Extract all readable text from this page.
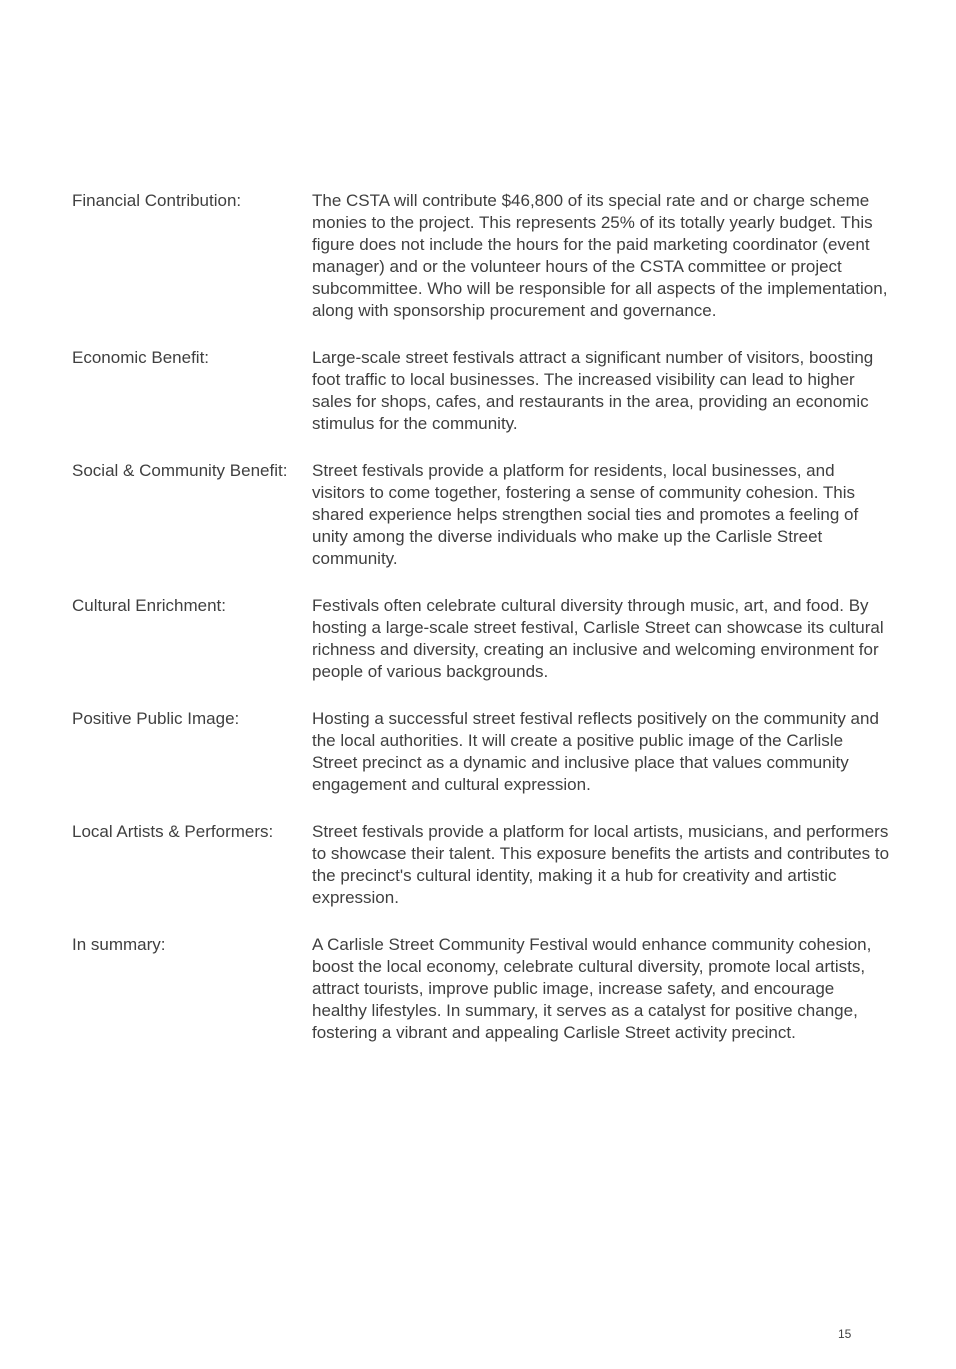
Financial Contribution:	The CSTA will contribute $46,800 of its special rate and or charge scheme monies to the project. This represents 25% of its totally yearly budget. This figure does not include the hours for the paid marketing coordinator (event manager) and or the volunteer hours of the CSTA committee or project subcommittee. Who will be responsible for all aspects of the implementation, along with sponsorship procurement and governance.
Economic Benefit:	Large-scale street festivals attract a significant number of visitors, boosting foot traffic to local businesses. The increased visibility can lead to higher sales for shops, cafes, and restaurants in the area, providing an economic stimulus for the community.
Social & Community Benefit:	Street festivals provide a platform for residents, local businesses, and visitors to come together, fostering a sense of community cohesion. This shared experience helps strengthen social ties and promotes a feeling of unity among the diverse individuals who make up the Carlisle Street community.
Cultural Enrichment:	Festivals often celebrate cultural diversity through music, art, and food. By hosting a large-scale street festival, Carlisle Street can showcase its cultural richness and diversity, creating an inclusive and welcoming environment for people of various backgrounds.
Positive Public Image:	Hosting a successful street festival reflects positively on the community and the local authorities. It will create a positive public image of the Carlisle Street precinct as a dynamic and inclusive place that values community engagement and cultural expression.
Local Artists & Performers:	Street festivals provide a platform for local artists, musicians, and performers to showcase their talent. This exposure benefits the artists and contributes to the precinct's cultural identity, making it a hub for creativity and artistic expression.
In summary:	A Carlisle Street Community Festival would enhance community cohesion, boost the local economy, celebrate cultural diversity, promote local artists, attract tourists, improve public image, increase safety, and encourage healthy lifestyles. In summary, it serves as a catalyst for positive change, fostering a vibrant and appealing Carlisle Street activity precinct.
15
